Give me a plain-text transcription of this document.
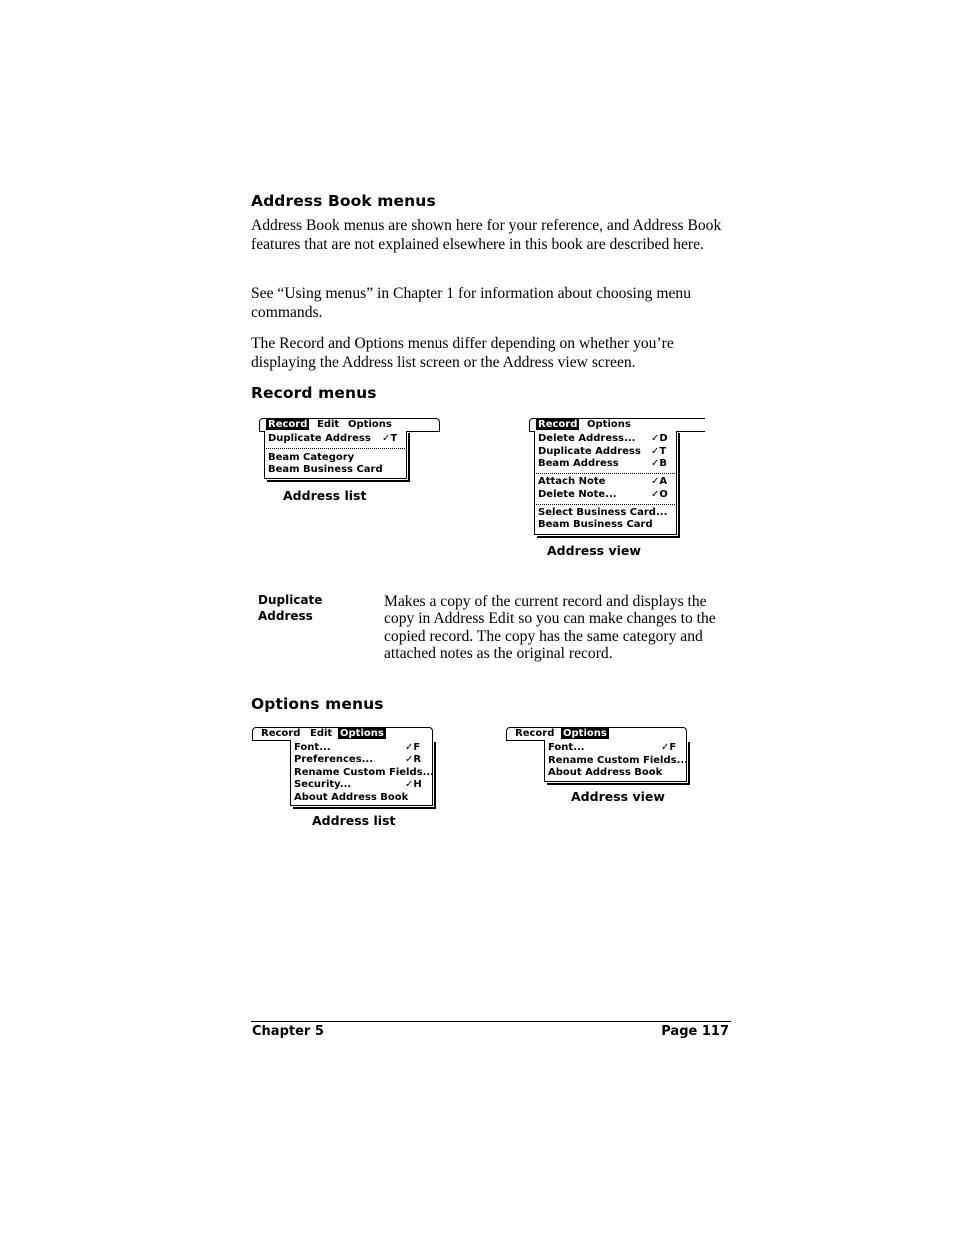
Address Book menus
Address Book menus are shown here for your reference, and Address Book features that are not explained elsewhere in this book are described here.
See “Using menus” in Chapter 1 for information about choosing menu commands.
The Record and Options menus differ depending on whether you’re displaying the Address list screen or the Address view screen.
Record menus
Record Edit Options
Duplicate Address ✓T
Beam Category
Beam Business Card
Address list
Record Options
Delete Address... ✓D
Duplicate Address ✓T
Beam Address	✓B
Attach Note	✓A
Delete Note...	✓O
Select Business Card...
Beam Business Card
Address view
Duplicate
Address
Makes a copy of the current record and displays the copy in Address Edit so you can make changes to the copied record. The copy has the same category and attached notes as the original record.
Options menus
Record Edit Options
Font...	✓F
Preferences...	✓R
Rename Custom Fields...
Security...	✓H
About Address Book
Address list
Record Options
Font...	✓F
Rename Custom Fields...
About Address Book
Address view
Chapter 5	Page 117
